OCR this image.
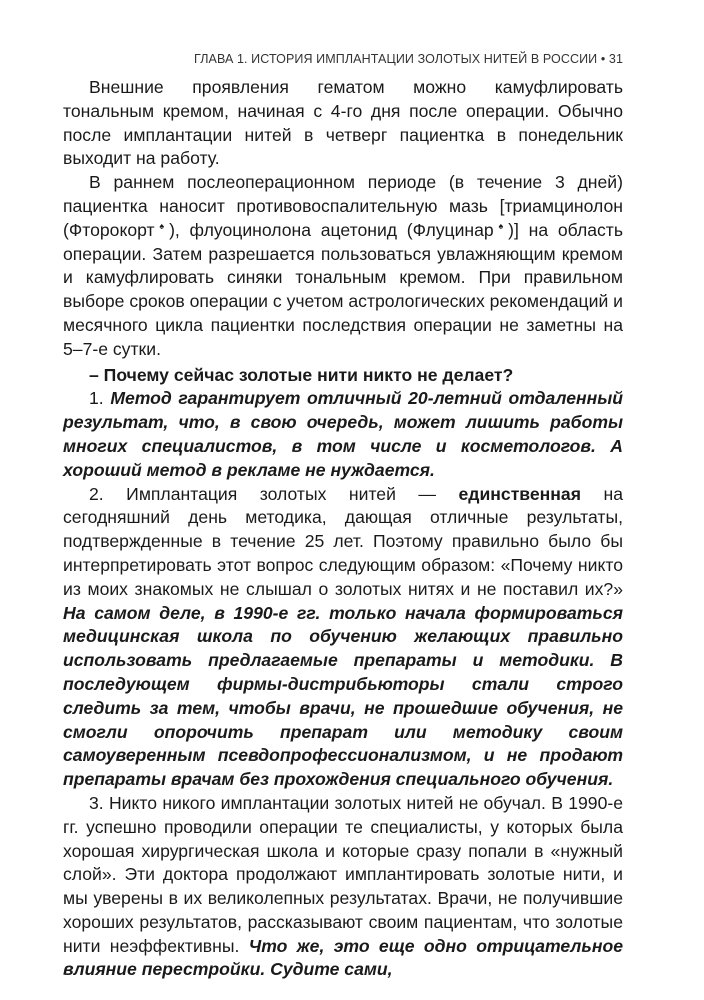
ГЛАВА 1. ИСТОРИЯ ИМПЛАНТАЦИИ ЗОЛОТЫХ НИТЕЙ В РОССИИ • 31

Внешние проявления гематом можно камуфлировать тональным кремом, начиная с 4-го дня после операции. Обычно после имплантации нитей в четверг пациентка в понедельник выходит на работу.

В раннем послеоперационном периоде (в течение 3 дней) пациентка наносит противовоспалительную мазь [триамцинолон (Фторокорт♠), флуоцинолона ацетонид (Флуцинар♠)] на область операции. Затем разрешается пользоваться увлажняющим кремом и камуфлировать синяки тональным кремом. При правильном выборе сроков операции с учетом астрологических рекомендаций и месячного цикла пациентки последствия операции не заметны на 5–7-е сутки.

– Почему сейчас золотые нити никто не делает?

1. Метод гарантирует отличный 20-летний отдаленный результат, что, в свою очередь, может лишить работы многих специалистов, в том числе и косметологов. А хороший метод в рекламе не нуждается.

2. Имплантация золотых нитей — единственная на сегодняшний день методика, дающая отличные результаты, подтвержденные в течение 25 лет. Поэтому правильно было бы интерпретировать этот вопрос следующим образом: «Почему никто из моих знакомых не слышал о золотых нитях и не поставил их?» На самом деле, в 1990-е гг. только начала формироваться медицинская школа по обучению желающих правильно использовать предлагаемые препараты и методики. В последующем фирмы-дистрибьюторы стали строго следить за тем, чтобы врачи, не прошедшие обучения, не смогли опорочить препарат или методику своим самоуверенным псевдопрофессионализмом, и не продают препараты врачам без прохождения специального обучения.

3. Никто никого имплантации золотых нитей не обучал. В 1990-е гг. успешно проводили операции те специалисты, у которых была хорошая хирургическая школа и которые сразу попали в «нужный слой». Эти доктора продолжают имплантировать золотые нити, и мы уверены в их великолепных результатах. Врачи, не получившие хороших результатов, рассказывают своим пациентам, что золотые нити неэффективны. Что же, это еще одно отрицательное влияние перестройки. Судите сами,
